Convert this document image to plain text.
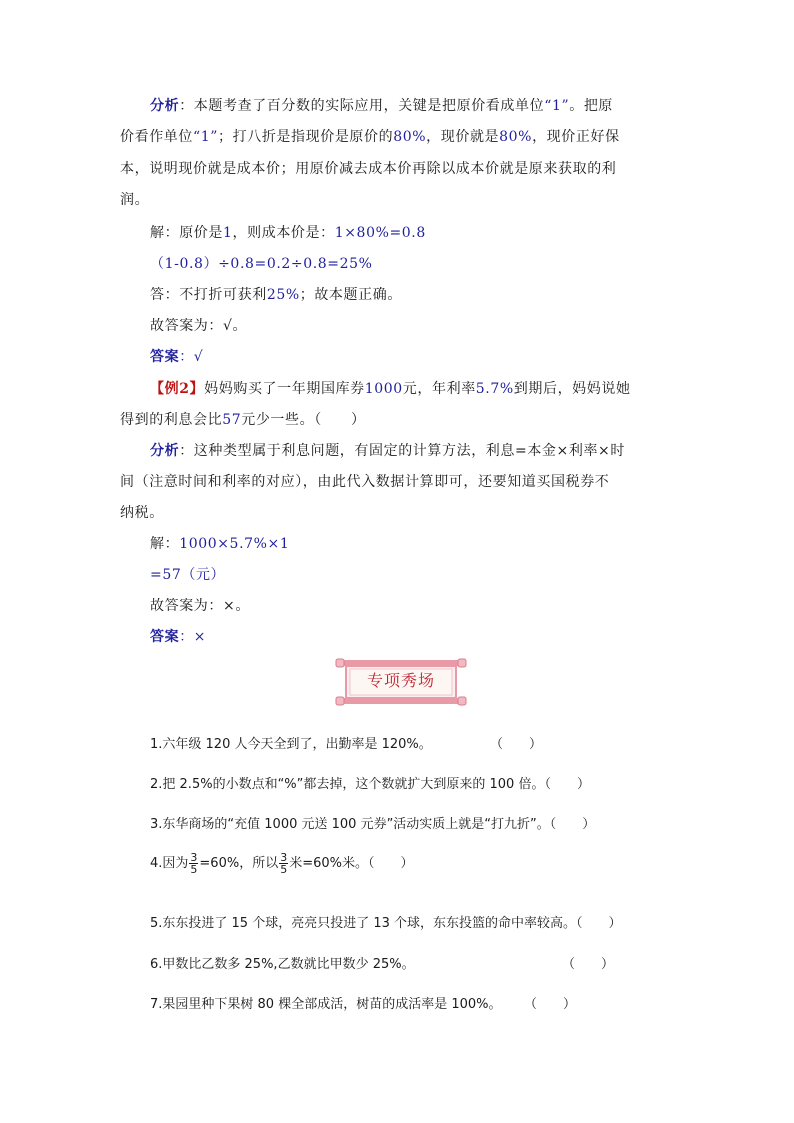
分析：本题考查了百分数的实际应用，关键是把原价看成单位“1”。把原
价看作单位“1”；打八折是指现价是原价的80%，现价就是80%，现价正好保
本，说明现价就是成本价；用原价减去成本价再除以成本价就是原来获取的利
润。
解：原价是1，则成本价是：1×80%=0.8
（1-0.8）÷0.8=0.2÷0.8=25%
答：不打折可获利25%；故本题正确。
故答案为：√。
答案：√
【例2】妈妈购买了一年期国库券1000元，年利率5.7%到期后，妈妈说她
得到的利息会比57元少一些。（　　）
分析：这种类型属于利息问题，有固定的计算方法，利息=本金×利率×时
间（注意时间和利率的对应），由此代入数据计算即可，还要知道买国税券不
纳税。
解：1000×5.7%×1
=57（元）
故答案为：×。
答案：×
专项秀场
1.六年级 120 人今天全到了，出勤率是 120%。	（　　）
2.把 2.5%的小数点和“%”都去掉，这个数就扩大到原来的 100 倍。（　　）
3.东华商场的“充值 1000 元送 100 元券”活动实质上就是“打九折”。（　　）
4.因为 $\frac{3}{5} =60\%$，所以 $\frac{3}{5}$ 米=60%米。（　　）
5.东东投进了 15 个球，亮亮只投进了 13 个球，东东投篮的命中率较高。（　　）
6.甲数比乙数多 25%,乙数就比甲数少 25%。	（　　）
7.果园里种下果树 80 棵全部成活，树苗的成活率是 100%。 （　　）
